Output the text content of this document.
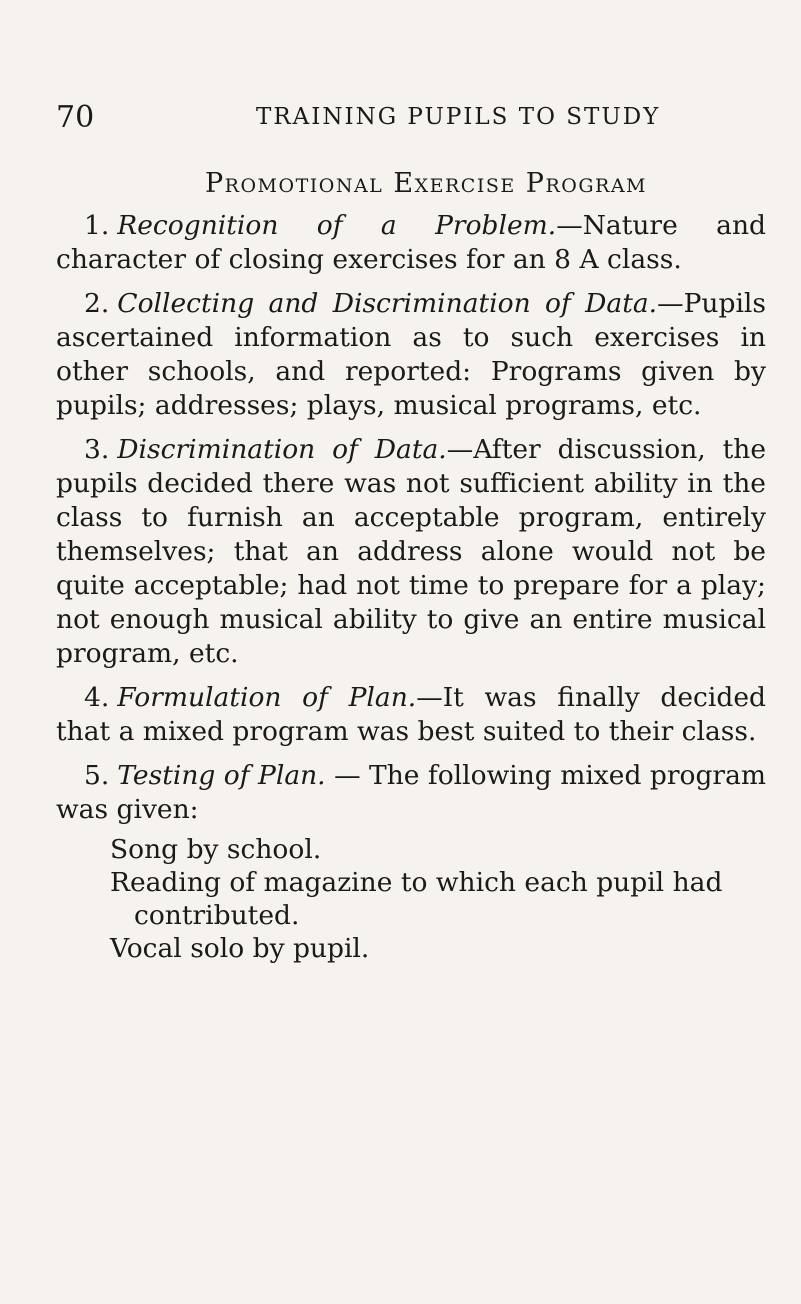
70	TRAINING PUPILS TO STUDY
Promotional Exercise Program

1. Recognition of a Problem.—Nature and character of closing exercises for an 8 A class.

2. Collecting and Discrimination of Data.—Pupils ascertained information as to such exercises in other schools, and reported: Programs given by pupils; addresses; plays, musical programs, etc.

3. Discrimination of Data.—After discussion, the pupils decided there was not sufficient ability in the class to furnish an acceptable program, entirely themselves; that an address alone would not be quite acceptable; had not time to prepare for a play; not enough musical ability to give an entire musical program, etc.

4. Formulation of Plan.—It was finally decided that a mixed program was best suited to their class.

5. Testing of Plan. — The following mixed program was given:

Song by school.
Reading of magazine to which each pupil had contributed.
Vocal solo by pupil.
